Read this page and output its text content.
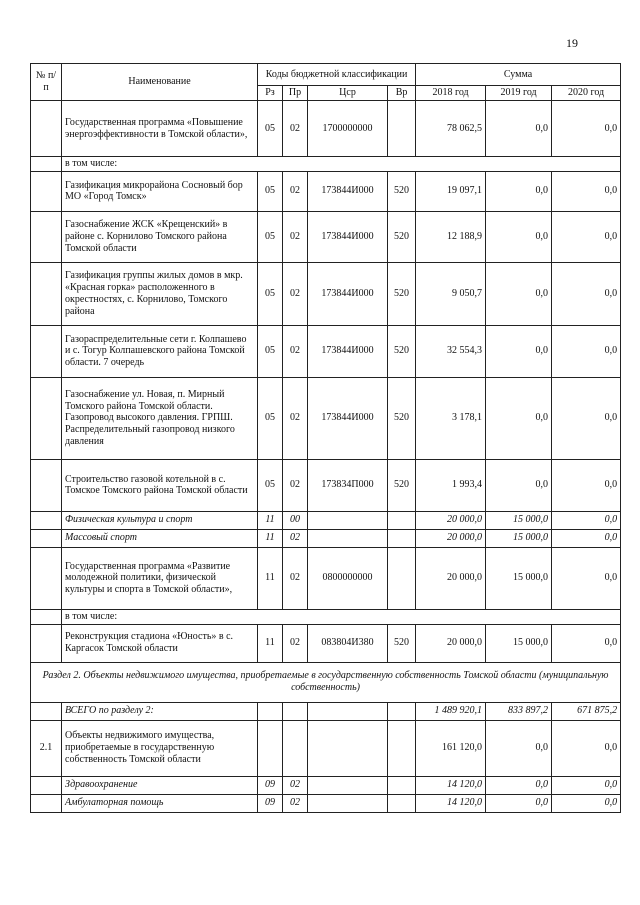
19
№ п/п	Наименование	Коды бюджетной классификации				Сумма		
		Рз	Пр	Цср	Вр	2018 год	2019 год	2020 год
	Государственная программа «Повышение энергоэффективности в Томской области»,	05	02	1700000000		78 062,5	0,0	0,0
	в том числе:							
	Газификация микрорайона Сосновый бор МО «Город Томск»	05	02	173844И000	520	19 097,1	0,0	0,0
	Газоснабжение ЖСК «Крещенский» в районе с. Корнилово Томского района Томской области	05	02	173844И000	520	12 188,9	0,0	0,0
	Газификация группы жилых домов в мкр. «Красная горка» расположенного в окрестностях, с. Корнилово, Томского района	05	02	173844И000	520	9 050,7	0,0	0,0
	Газораспределительные сети г. Колпашево и с. Тогур Колпашевского района Томской области. 7 очередь	05	02	173844И000	520	32 554,3	0,0	0,0
	Газоснабжение ул. Новая, п. Мирный Томского района Томской области. Газопровод высокого давления. ГРПШ. Распределительный газопровод низкого давления	05	02	173844И000	520	3 178,1	0,0	0,0
	Строительство газовой котельной в с. Томское Томского района Томской области	05	02	173834П000	520	1 993,4	0,0	0,0
	Физическая культура и спорт	11	00			20 000,0	15 000,0	0,0
	Массовый спорт	11	02			20 000,0	15 000,0	0,0
	Государственная программа «Развитие молодежной политики, физической культуры и спорта в Томской области»,	11	02	0800000000		20 000,0	15 000,0	0,0
	в том числе:							
	Реконструкция стадиона «Юность» в с. Каргасок Томской области	11	02	083804И380	520	20 000,0	15 000,0	0,0
Раздел 2. Объекты недвижимого имущества, приобретаемые в государственную собственность Томской области (муниципальную собственность)								
	ВСЕГО по разделу 2:					1 489 920,1	833 897,2	671 875,2
2.1	Объекты недвижимого имущества, приобретаемые в государственную собственность Томской области					161 120,0	0,0	0,0
	Здравоохранение	09	02			14 120,0	0,0	0,0
	Амбулаторная помощь	09	02			14 120,0	0,0	0,0
